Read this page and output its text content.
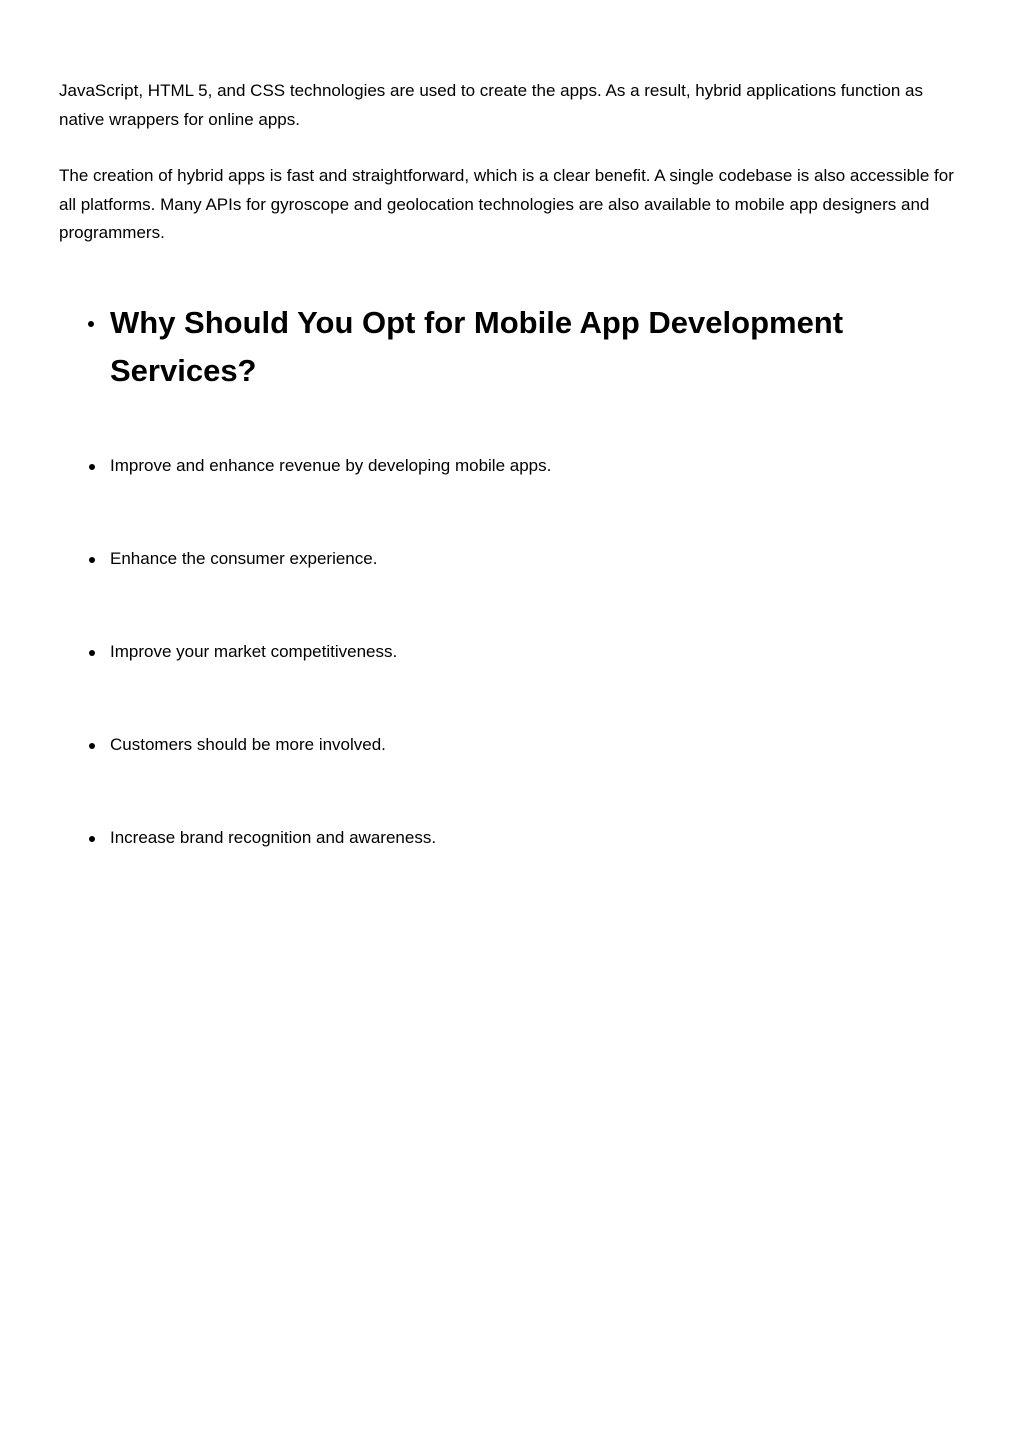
JavaScript, HTML 5, and CSS technologies are used to create the apps. As a result, hybrid applications function as native wrappers for online apps.

The creation of hybrid apps is fast and straightforward, which is a clear benefit. A single codebase is also accessible for all platforms. Many APIs for gyroscope and geolocation technologies are also available to mobile app designers and programmers.

Why Should You Opt for Mobile App Development Services?
Improve and enhance revenue by developing mobile apps.
Enhance the consumer experience.
Improve your market competitiveness.
Customers should be more involved.
Increase brand recognition and awareness.
